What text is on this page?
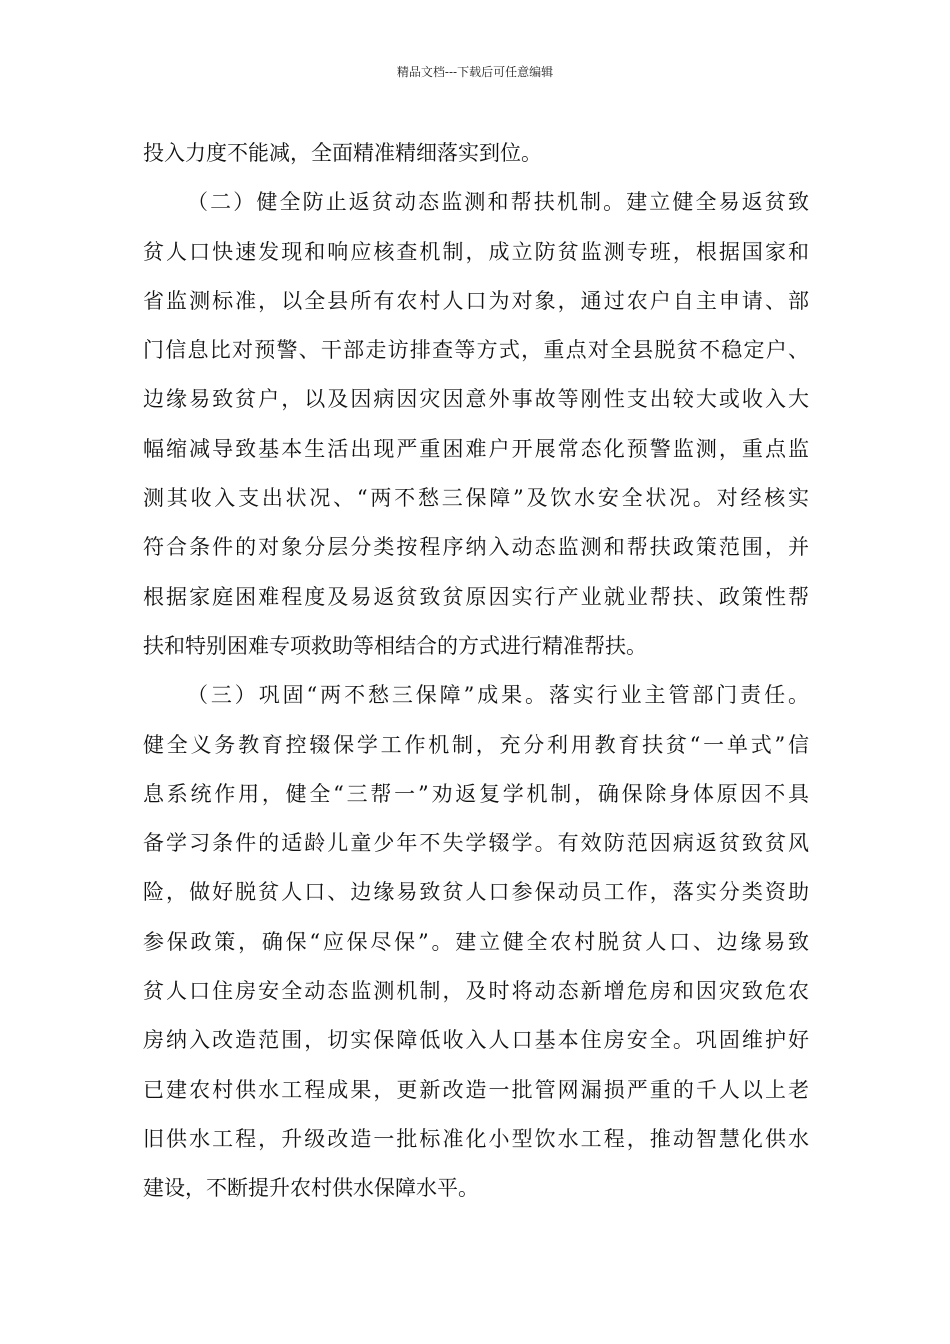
精品文档---下载后可任意编辑
投入力度不能减，全面精准精细落实到位。
（二）健全防止返贫动态监测和帮扶机制。建立健全易返贫致
贫人口快速发现和响应核查机制，成立防贫监测专班，根据国家和
省监测标准，以全县所有农村人口为对象，通过农户自主申请、部
门信息比对预警、干部走访排查等方式，重点对全县脱贫不稳定户、
边缘易致贫户，以及因病因灾因意外事故等刚性支出较大或收入大
幅缩减导致基本生活出现严重困难户开展常态化预警监测，重点监
测其收入支出状况、“两不愁三保障”及饮水安全状况。对经核实
符合条件的对象分层分类按程序纳入动态监测和帮扶政策范围，并
根据家庭困难程度及易返贫致贫原因实行产业就业帮扶、政策性帮
扶和特别困难专项救助等相结合的方式进行精准帮扶。
（三）巩固“两不愁三保障”成果。落实行业主管部门责任。
健全义务教育控辍保学工作机制，充分利用教育扶贫“一单式”信
息系统作用，健全“三帮一”劝返复学机制，确保除身体原因不具
备学习条件的适龄儿童少年不失学辍学。有效防范因病返贫致贫风
险，做好脱贫人口、边缘易致贫人口参保动员工作，落实分类资助
参保政策，确保“应保尽保”。建立健全农村脱贫人口、边缘易致
贫人口住房安全动态监测机制，及时将动态新增危房和因灾致危农
房纳入改造范围，切实保障低收入人口基本住房安全。巩固维护好
已建农村供水工程成果，更新改造一批管网漏损严重的千人以上老
旧供水工程，升级改造一批标准化小型饮水工程，推动智慧化供水
建设，不断提升农村供水保障水平。
